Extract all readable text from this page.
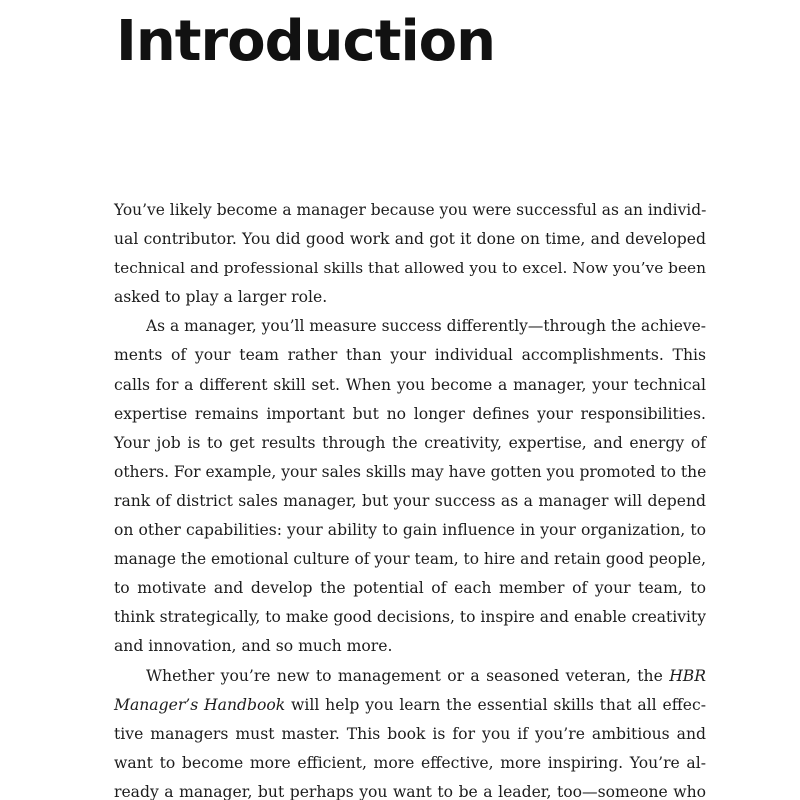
Introduction
You’ve likely become a manager because you were successful as an individ-
ual contributor. You did good work and got it done on time, and developed
technical and professional skills that allowed you to excel. Now you’ve been
asked to play a larger role.
As a manager, you’ll measure success differently—through the achieve-
ments of your team rather than your individual accomplishments. This
calls for a different skill set. When you become a manager, your technical
expertise remains important but no longer defines your responsibilities.
Your job is to get results through the creativity, expertise, and energy of
others. For example, your sales skills may have gotten you promoted to the
rank of district sales manager, but your success as a manager will depend
on other capabilities: your ability to gain influence in your organization, to
manage the emotional culture of your team, to hire and retain good people,
to motivate and develop the potential of each member of your team, to
think strategically, to make good decisions, to inspire and enable creativity
and innovation, and so much more.
Whether you’re new to management or a seasoned veteran, the HBR
Manager’s Handbook will help you learn the essential skills that all effec-
tive managers must master. This book is for you if you’re ambitious and
want to become more efficient, more effective, more inspiring. You’re al-
ready a manager, but perhaps you want to be a leader, too—someone who
